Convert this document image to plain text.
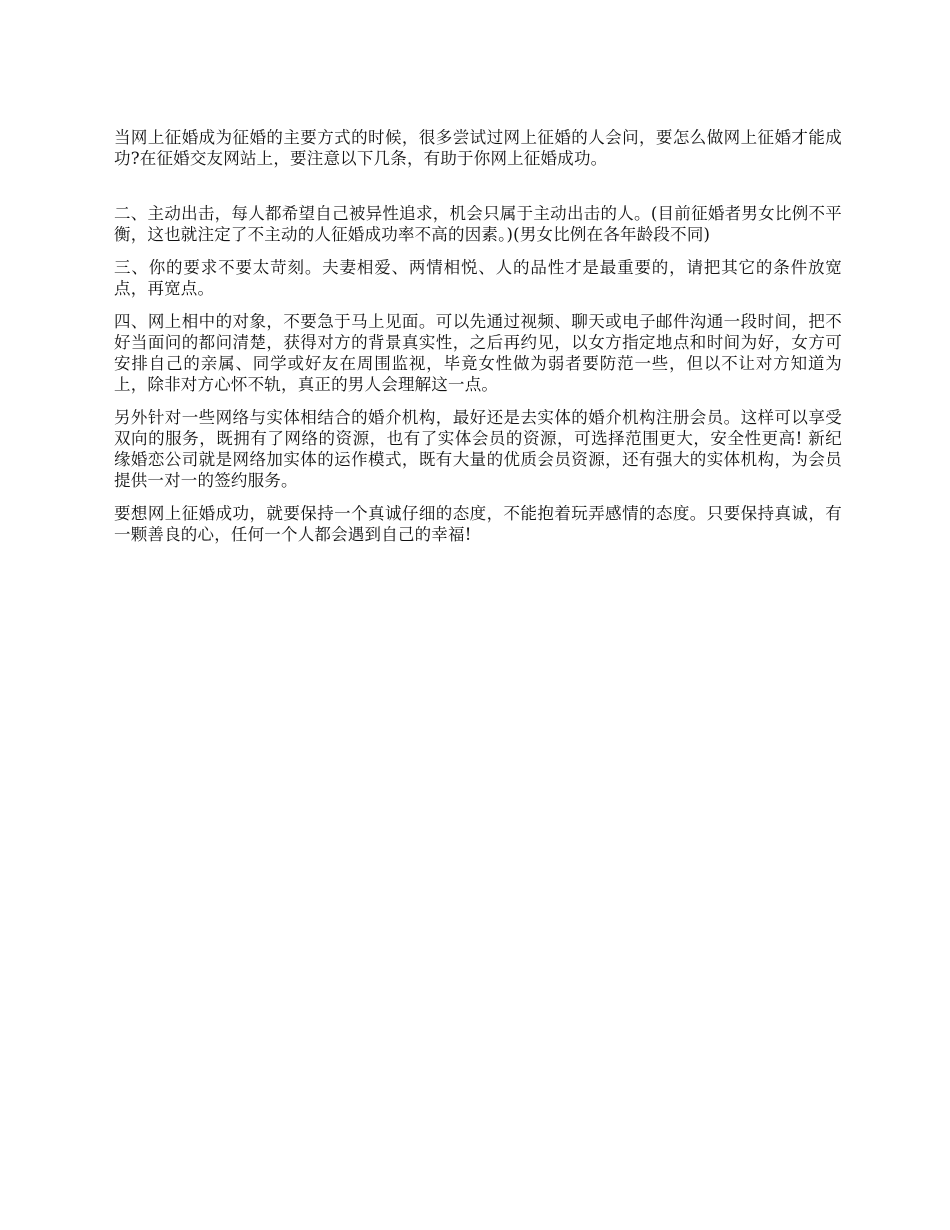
当网上征婚成为征婚的主要方式的时候，很多尝试过网上征婚的人会问，要怎么做网上征婚才能成功?在征婚交友网站上，要注意以下几条，有助于你网上征婚成功。

二、主动出击，每人都希望自己被异性追求，机会只属于主动出击的人。(目前征婚者男女比例不平衡，这也就注定了不主动的人征婚成功率不高的因素。)(男女比例在各年龄段不同)

三、你的要求不要太苛刻。夫妻相爱、两情相悦、人的品性才是最重要的，请把其它的条件放宽点，再宽点。

四、网上相中的对象，不要急于马上见面。可以先通过视频、聊天或电子邮件沟通一段时间，把不好当面问的都问清楚，获得对方的背景真实性，之后再约见，以女方指定地点和时间为好，女方可安排自己的亲属、同学或好友在周围监视，毕竟女性做为弱者要防范一些，但以不让对方知道为上，除非对方心怀不轨，真正的男人会理解这一点。

另外针对一些网络与实体相结合的婚介机构，最好还是去实体的婚介机构注册会员。这样可以享受双向的服务，既拥有了网络的资源，也有了实体会员的资源，可选择范围更大，安全性更高! 新纪缘婚恋公司就是网络加实体的运作模式，既有大量的优质会员资源，还有强大的实体机构，为会员提供一对一的签约服务。

要想网上征婚成功，就要保持一个真诚仔细的态度，不能抱着玩弄感情的态度。只要保持真诚，有一颗善良的心，任何一个人都会遇到自己的幸福!
